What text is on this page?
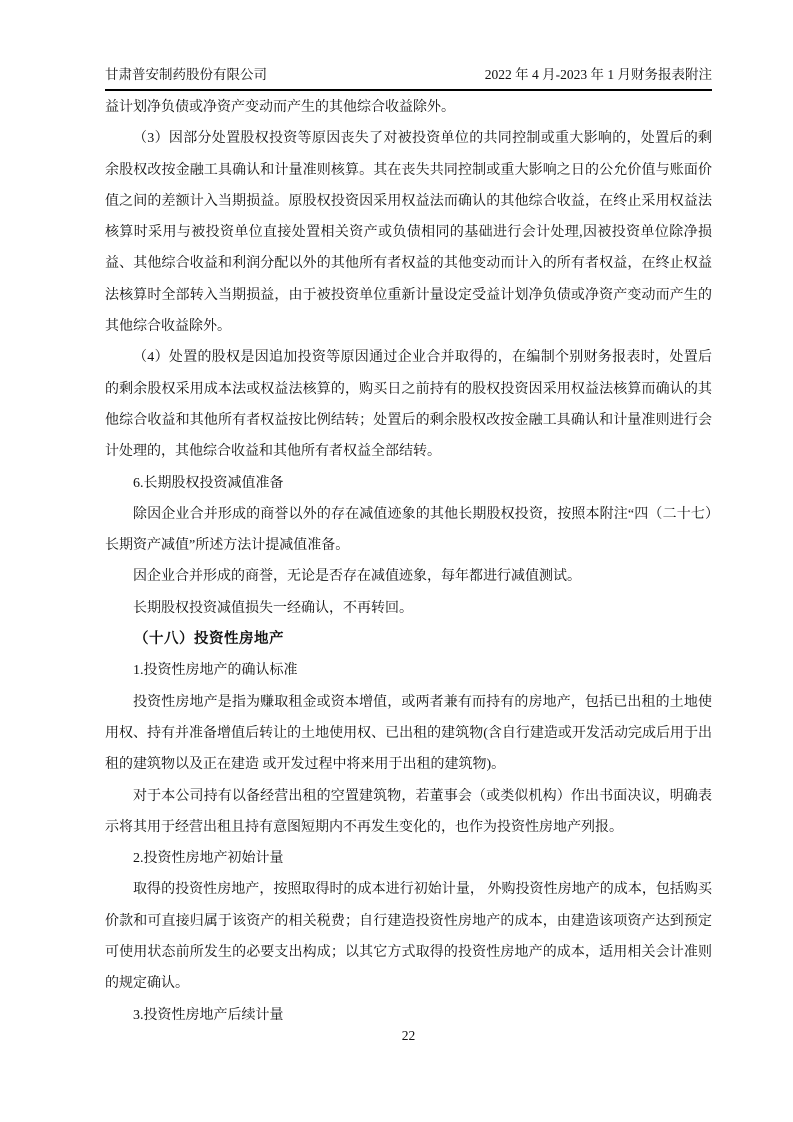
甘肃普安制药股份有限公司	2022 年 4 月-2023 年 1 月财务报表附注

益计划净负债或净资产变动而产生的其他综合收益除外。

（3）因部分处置股权投资等原因丧失了对被投资单位的共同控制或重大影响的，处置后的剩余股权改按金融工具确认和计量准则核算。其在丧失共同控制或重大影响之日的公允价值与账面价值之间的差额计入当期损益。原股权投资因采用权益法而确认的其他综合收益，在终止采用权益法核算时采用与被投资单位直接处置相关资产或负债相同的基础进行会计处理,因被投资单位除净损益、其他综合收益和利润分配以外的其他所有者权益的其他变动而计入的所有者权益，在终止权益法核算时全部转入当期损益，由于被投资单位重新计量设定受益计划净负债或净资产变动而产生的其他综合收益除外。

（4）处置的股权是因追加投资等原因通过企业合并取得的，在编制个别财务报表时，处置后的剩余股权采用成本法或权益法核算的，购买日之前持有的股权投资因采用权益法核算而确认的其他综合收益和其他所有者权益按比例结转；处置后的剩余股权改按金融工具确认和计量准则进行会计处理的，其他综合收益和其他所有者权益全部结转。

6.长期股权投资减值准备

除因企业合并形成的商誉以外的存在减值迹象的其他长期股权投资，按照本附注“四（二十七）长期资产减值”所述方法计提减值准备。

因企业合并形成的商誉，无论是否存在减值迹象，每年都进行减值测试。

长期股权投资减值损失一经确认，不再转回。

（十八）投资性房地产

1.投资性房地产的确认标准

投资性房地产是指为赚取租金或资本增值，或两者兼有而持有的房地产，包括已出租的土地使用权、持有并准备增值后转让的土地使用权、已出租的建筑物(含自行建造或开发活动完成后用于出租的建筑物以及正在建造 或开发过程中将来用于出租的建筑物)。

对于本公司持有以备经营出租的空置建筑物，若董事会（或类似机构）作出书面决议，明确表示将其用于经营出租且持有意图短期内不再发生变化的，也作为投资性房地产列报。

2.投资性房地产初始计量

取得的投资性房地产，按照取得时的成本进行初始计量， 外购投资性房地产的成本，包括购买价款和可直接归属于该资产的相关税费；自行建造投资性房地产的成本，由建造该项资产达到预定可使用状态前所发生的必要支出构成；以其它方式取得的投资性房地产的成本，适用相关会计准则的规定确认。

3.投资性房地产后续计量

22
